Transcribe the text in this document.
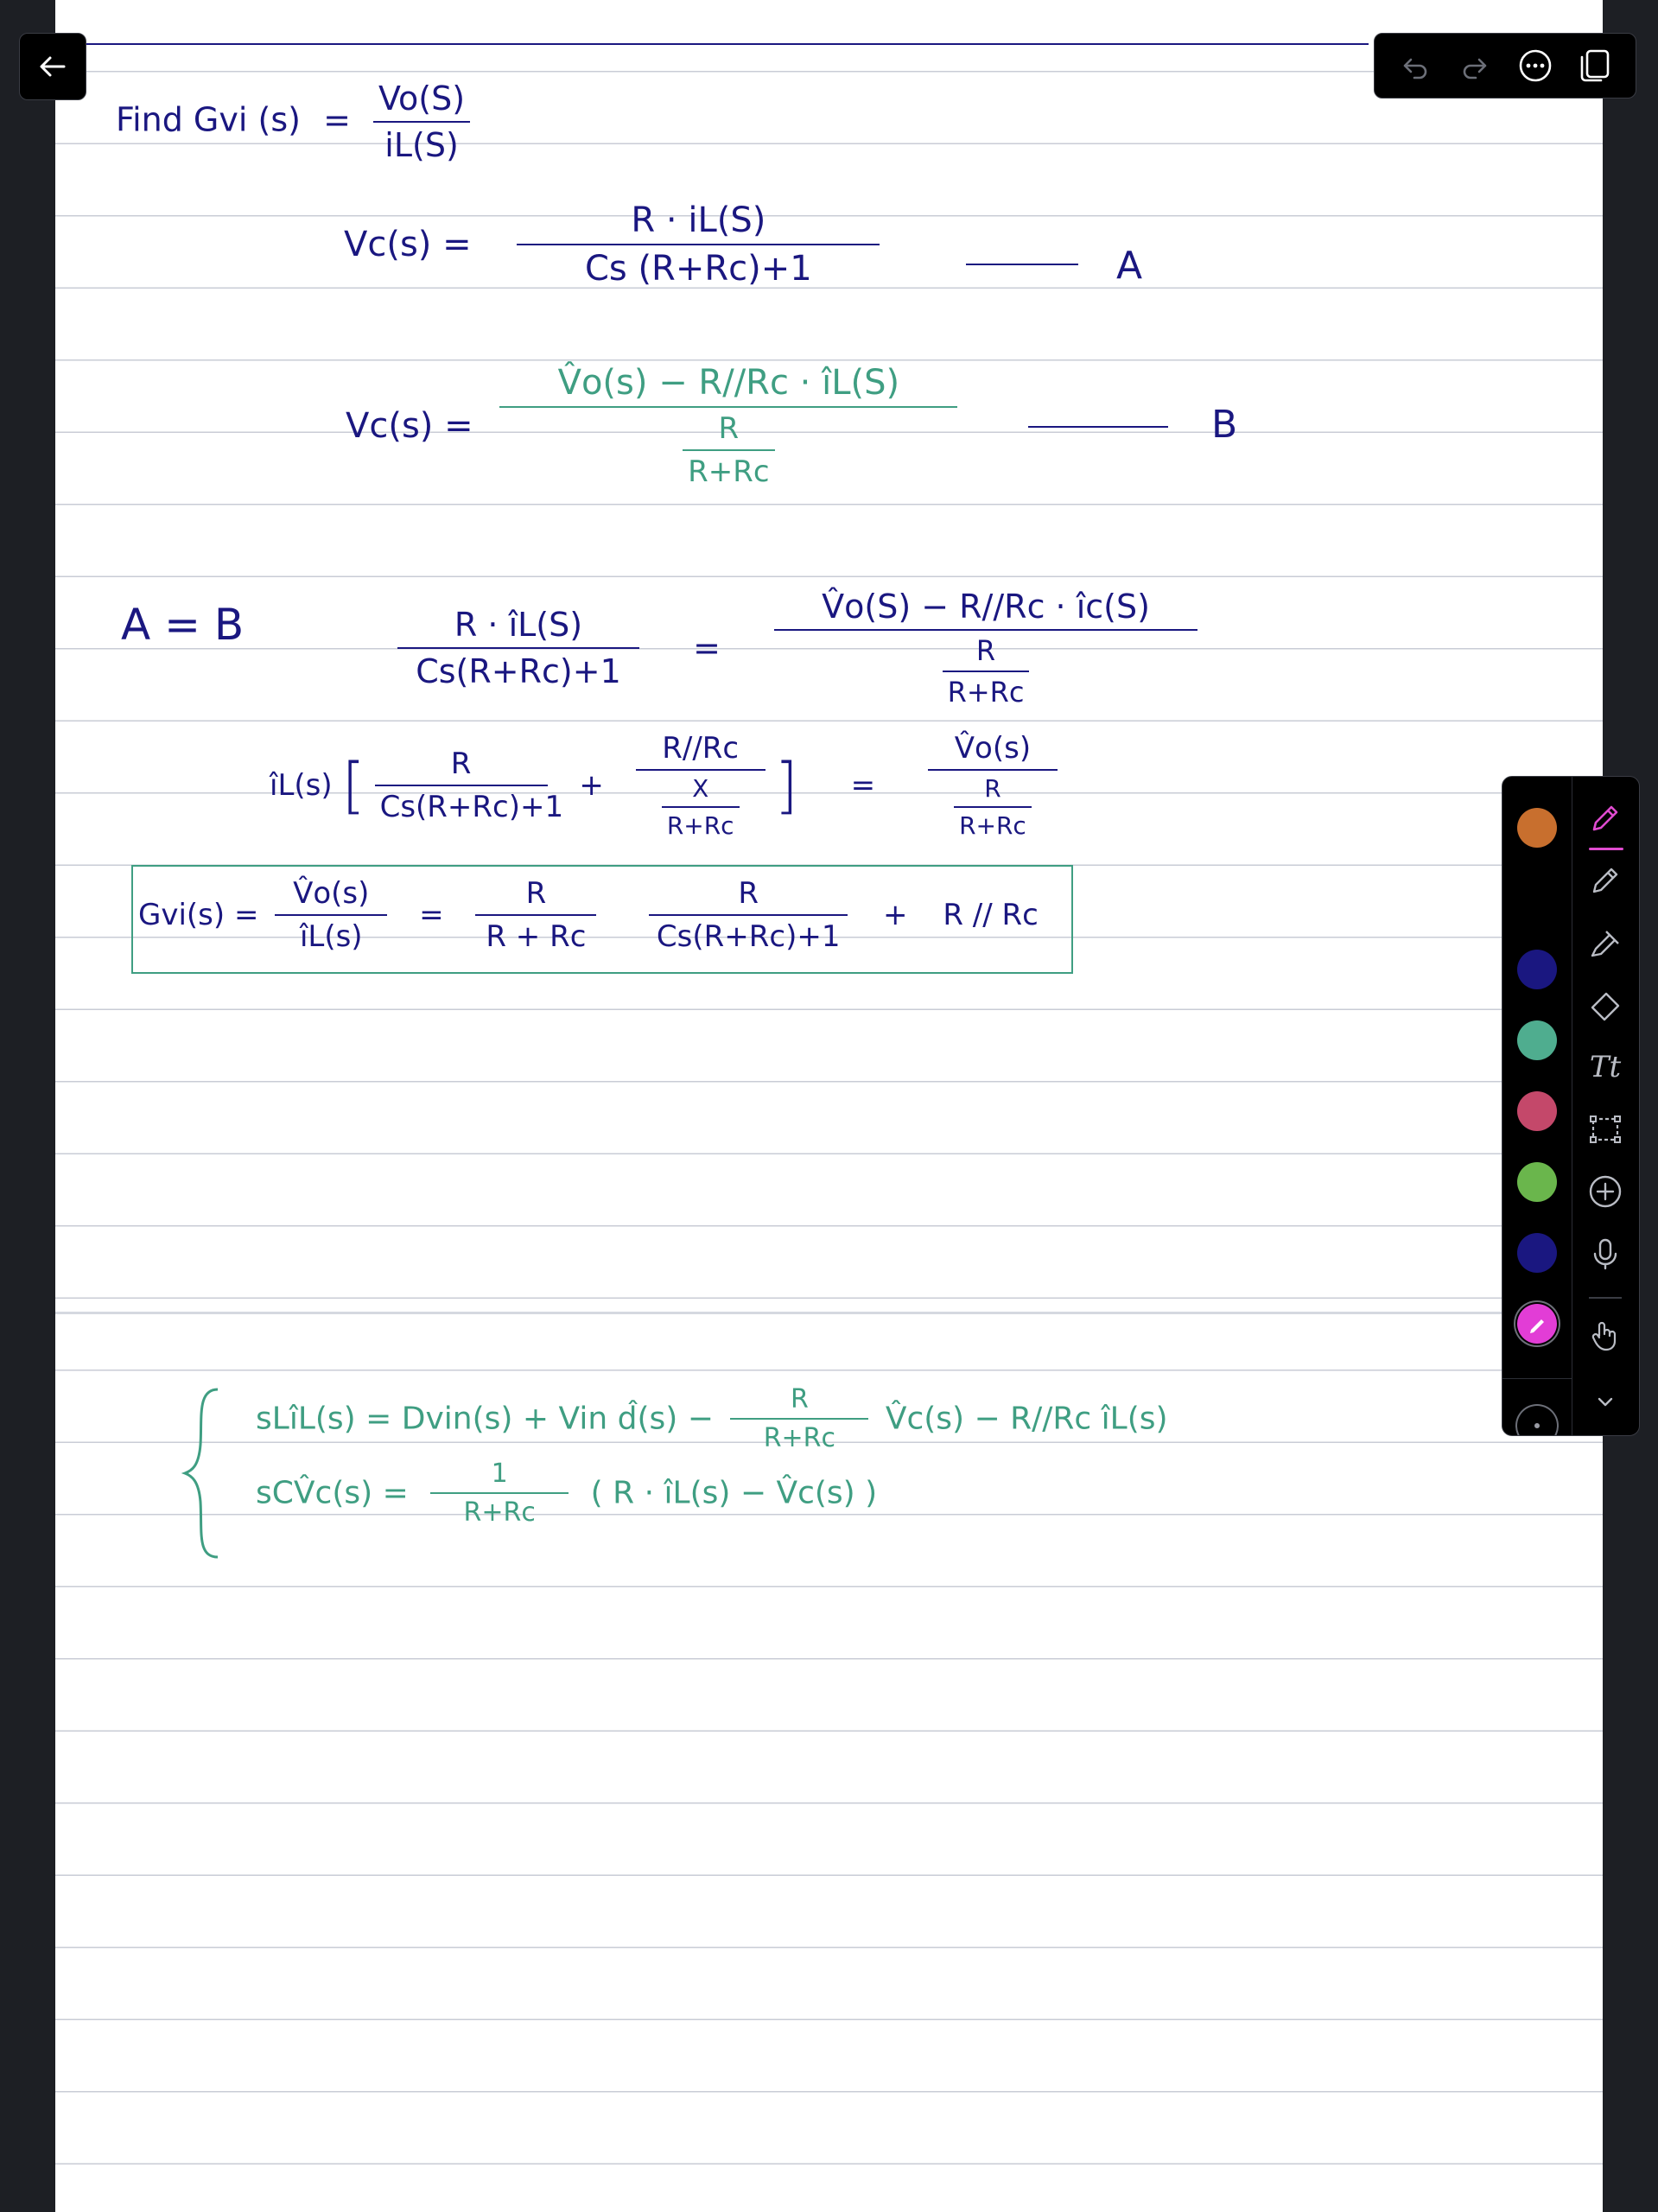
Find Gvi $(s) = \frac{Vo(S)}{iL(S)}$
$Vc(s) = \frac{R \cdot iL(S)}{Cs (R+Rc)+1}$	A
$Vc(s) = \frac{V̂o(s) - R//Rc \cdot îL(S)}{\frac{R}{R+Rc}}$	B
A = B	$\frac{R \cdot îL(S)}{Cs(R+Rc)+1} = \frac{V̂o(S) - R//Rc \cdot îc(S)}{\frac{R}{R+Rc}}$
îL(s) [ $\frac{R}{Cs(R+Rc)+1} + \frac{R//Rc}{\frac{X}{R+Rc}}$ ] = $\frac{V̂o(s)}{\frac{R}{R+Rc}}$
$Gvi(s) = \frac{V̂o(s)}{îL(s)} = \frac{R}{R + Rc}$
$\frac{R}{Cs(R+Rc)+1} + R // Rc$
sLîL(s) = Dvin(s) + Vin d̂(s) − $\frac{R}{R+Rc}$ V̂c(s) − R//Rc îL(s)
sCV̂c(s) = $\frac{1}{R+Rc}$ ( R · îL(s) − V̂c(s) )
Tt
